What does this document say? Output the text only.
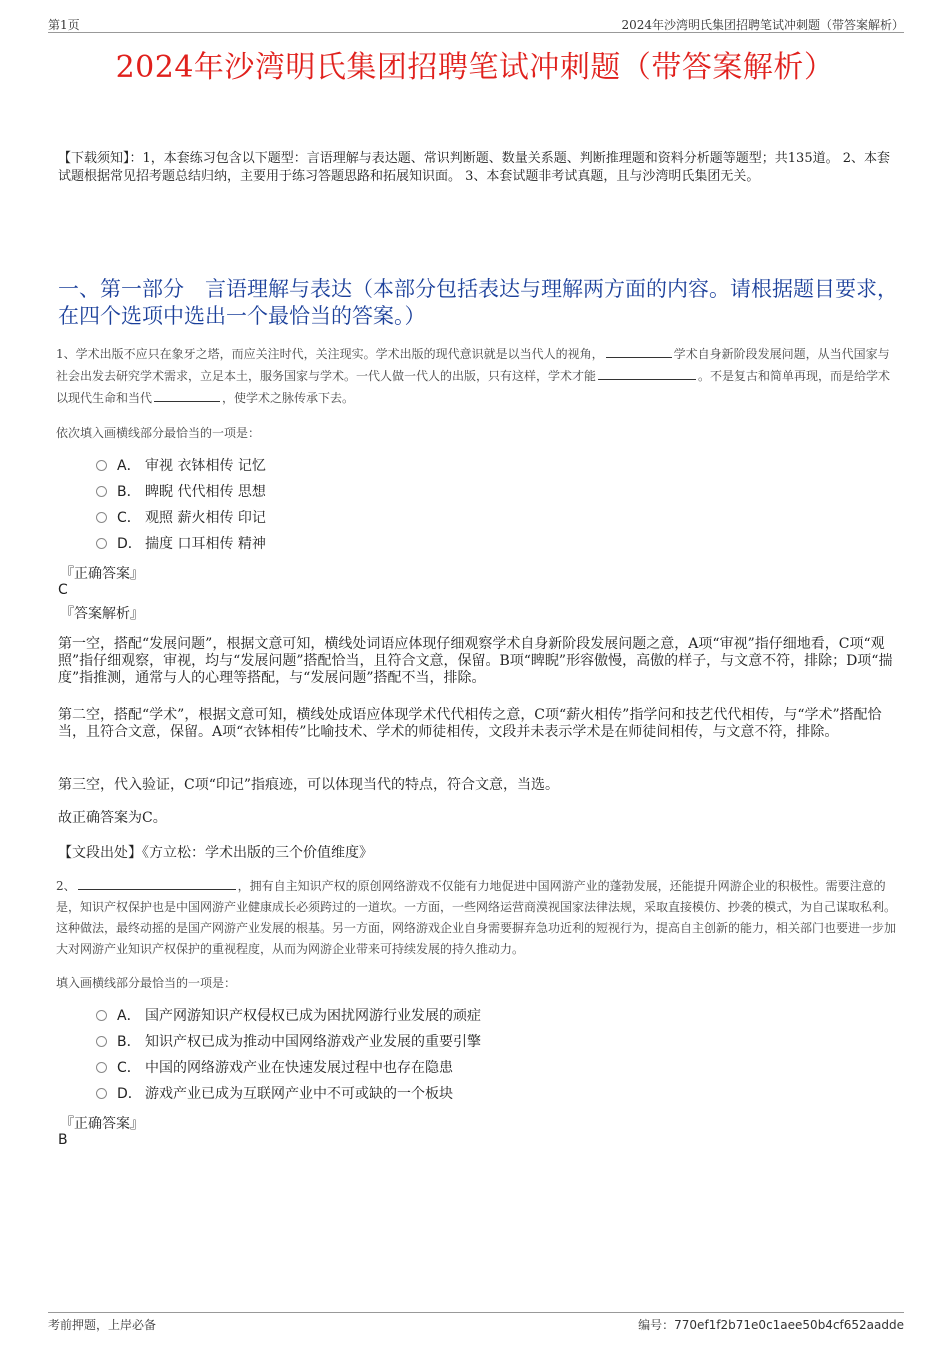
第1页	2024年沙湾明氏集团招聘笔试冲刺题（带答案解析）
2024年沙湾明氏集团招聘笔试冲刺题（带答案解析）
【下载须知】：1，本套练习包含以下题型：言语理解与表达题、常识判断题、数量关系题、判断推理题和资料分析题等题型；共135道。 2、本套试题根据常见招考题总结归纳，主要用于练习答题思路和拓展知识面。 3、本套试题非考试真题，且与沙湾明氏集团无关。
一、第一部分　言语理解与表达（本部分包括表达与理解两方面的内容。请根据题目要求，在四个选项中选出一个最恰当的答案。）
1、学术出版不应只在象牙之塔，而应关注时代，关注现实。学术出版的现代意识就是以当代人的视角，	学术自身新阶段发展问题，从当代国家与社会出发去研究学术需求，立足本土，服务国家与学术。一代人做一代人的出版，只有这样，学术才能	。不是复古和简单再现，而是给学术以现代生命和当代	，使学术之脉传承下去。
依次填入画横线部分最恰当的一项是：
A． 审视 衣钵相传 记忆
B． 睥睨 代代相传 思想
C． 观照 薪火相传 印记
D． 揣度 口耳相传 精神
『正确答案』
C
『答案解析』
第一空，搭配“发展问题”，根据文意可知，横线处词语应体现仔细观察学术自身新阶段发展问题之意，A项“审视”指仔细地看，C项“观照”指仔细观察，审视，均与“发展问题”搭配恰当，且符合文意，保留。B项“睥睨”形容傲慢，高傲的样子，与文意不符，排除；D项“揣度”指推测，通常与人的心理等搭配，与“发展问题”搭配不当，排除。
第二空，搭配“学术”，根据文意可知，横线处成语应体现学术代代相传之意，C项“薪火相传”指学问和技艺代代相传，与“学术”搭配恰当，且符合文意，保留。A项“衣钵相传”比喻技术、学术的师徒相传，文段并未表示学术是在师徒间相传，与文意不符，排除。
第三空，代入验证，C项“印记”指痕迹，可以体现当代的特点，符合文意，当选。
故正确答案为C。
【文段出处】《方立松：学术出版的三个价值维度》
2、	，拥有自主知识产权的原创网络游戏不仅能有力地促进中国网游产业的蓬勃发展，还能提升网游企业的积极性。需要注意的是，知识产权保护也是中国网游产业健康成长必须跨过的一道坎。一方面，一些网络运营商漠视国家法律法规，采取直接模仿、抄袭的模式，为自己谋取私利。这种做法，最终动摇的是国产网游产业发展的根基。另一方面，网络游戏企业自身需要摒弃急功近利的短视行为，提高自主创新的能力，相关部门也要进一步加大对网游产业知识产权保护的重视程度，从而为网游企业带来可持续发展的持久推动力。
填入画横线部分最恰当的一项是：
A． 国产网游知识产权侵权已成为困扰网游行业发展的顽症
B． 知识产权已成为推动中国网络游戏产业发展的重要引擎
C． 中国的网络游戏产业在快速发展过程中也存在隐患
D． 游戏产业已成为互联网产业中不可或缺的一个板块
『正确答案』
B
考前押题，上岸必备	编号：770ef1f2b71e0c1aee50b4cf652aadde
